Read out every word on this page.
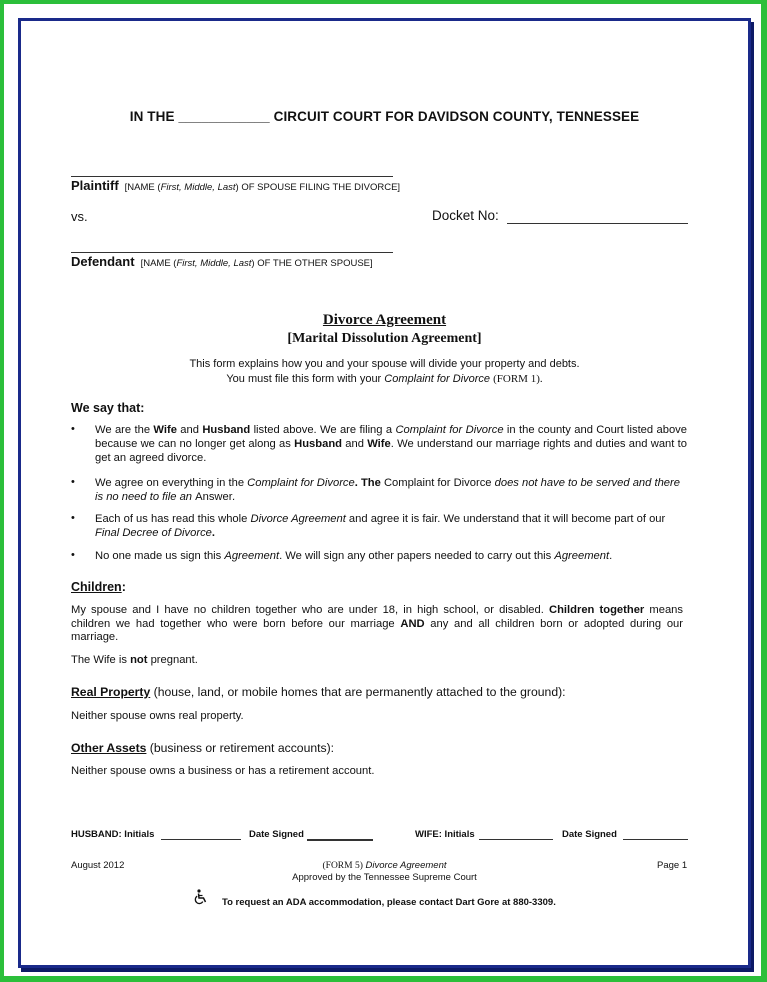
IN THE ____________ CIRCUIT COURT FOR DAVIDSON COUNTY, TENNESSEE
Plaintiff [NAME (First, Middle, Last) OF SPOUSE FILING THE DIVORCE]
vs.	Docket No:
Defendant [NAME (First, Middle, Last) OF THE OTHER SPOUSE]
Divorce Agreement
[Marital Dissolution Agreement]
This form explains how you and your spouse will divide your property and debts.
You must file this form with your Complaint for Divorce (FORM 1).
We say that:
•	We are the Wife and Husband listed above. We are filing a Complaint for Divorce in the county and Court listed above because we can no longer get along as Husband and Wife. We understand our marriage rights and duties and want to get an agreed divorce.
•	We agree on everything in the Complaint for Divorce. The Complaint for Divorce does not have to be served and there is no need to file an Answer.
•	Each of us has read this whole Divorce Agreement and agree it is fair. We understand that it will become part of our Final Decree of Divorce.
•	No one made us sign this Agreement. We will sign any other papers needed to carry out this Agreement.
Children:
My spouse and I have no children together who are under 18, in high school, or disabled. Children together means children we had together who were born before our marriage AND any and all children born or adopted during our marriage.
The Wife is not pregnant.
Real Property (house, land, or mobile homes that are permanently attached to the ground):
Neither spouse owns real property.
Other Assets (business or retirement accounts):
Neither spouse owns a business or has a retirement account.
HUSBAND: Initials	Date Signed	WIFE: Initials	Date Signed
August 2012	(FORM 5) Divorce Agreement
Approved by the Tennessee Supreme Court
Page 1
To request an ADA accommodation, please contact Dart Gore at 880-3309.
